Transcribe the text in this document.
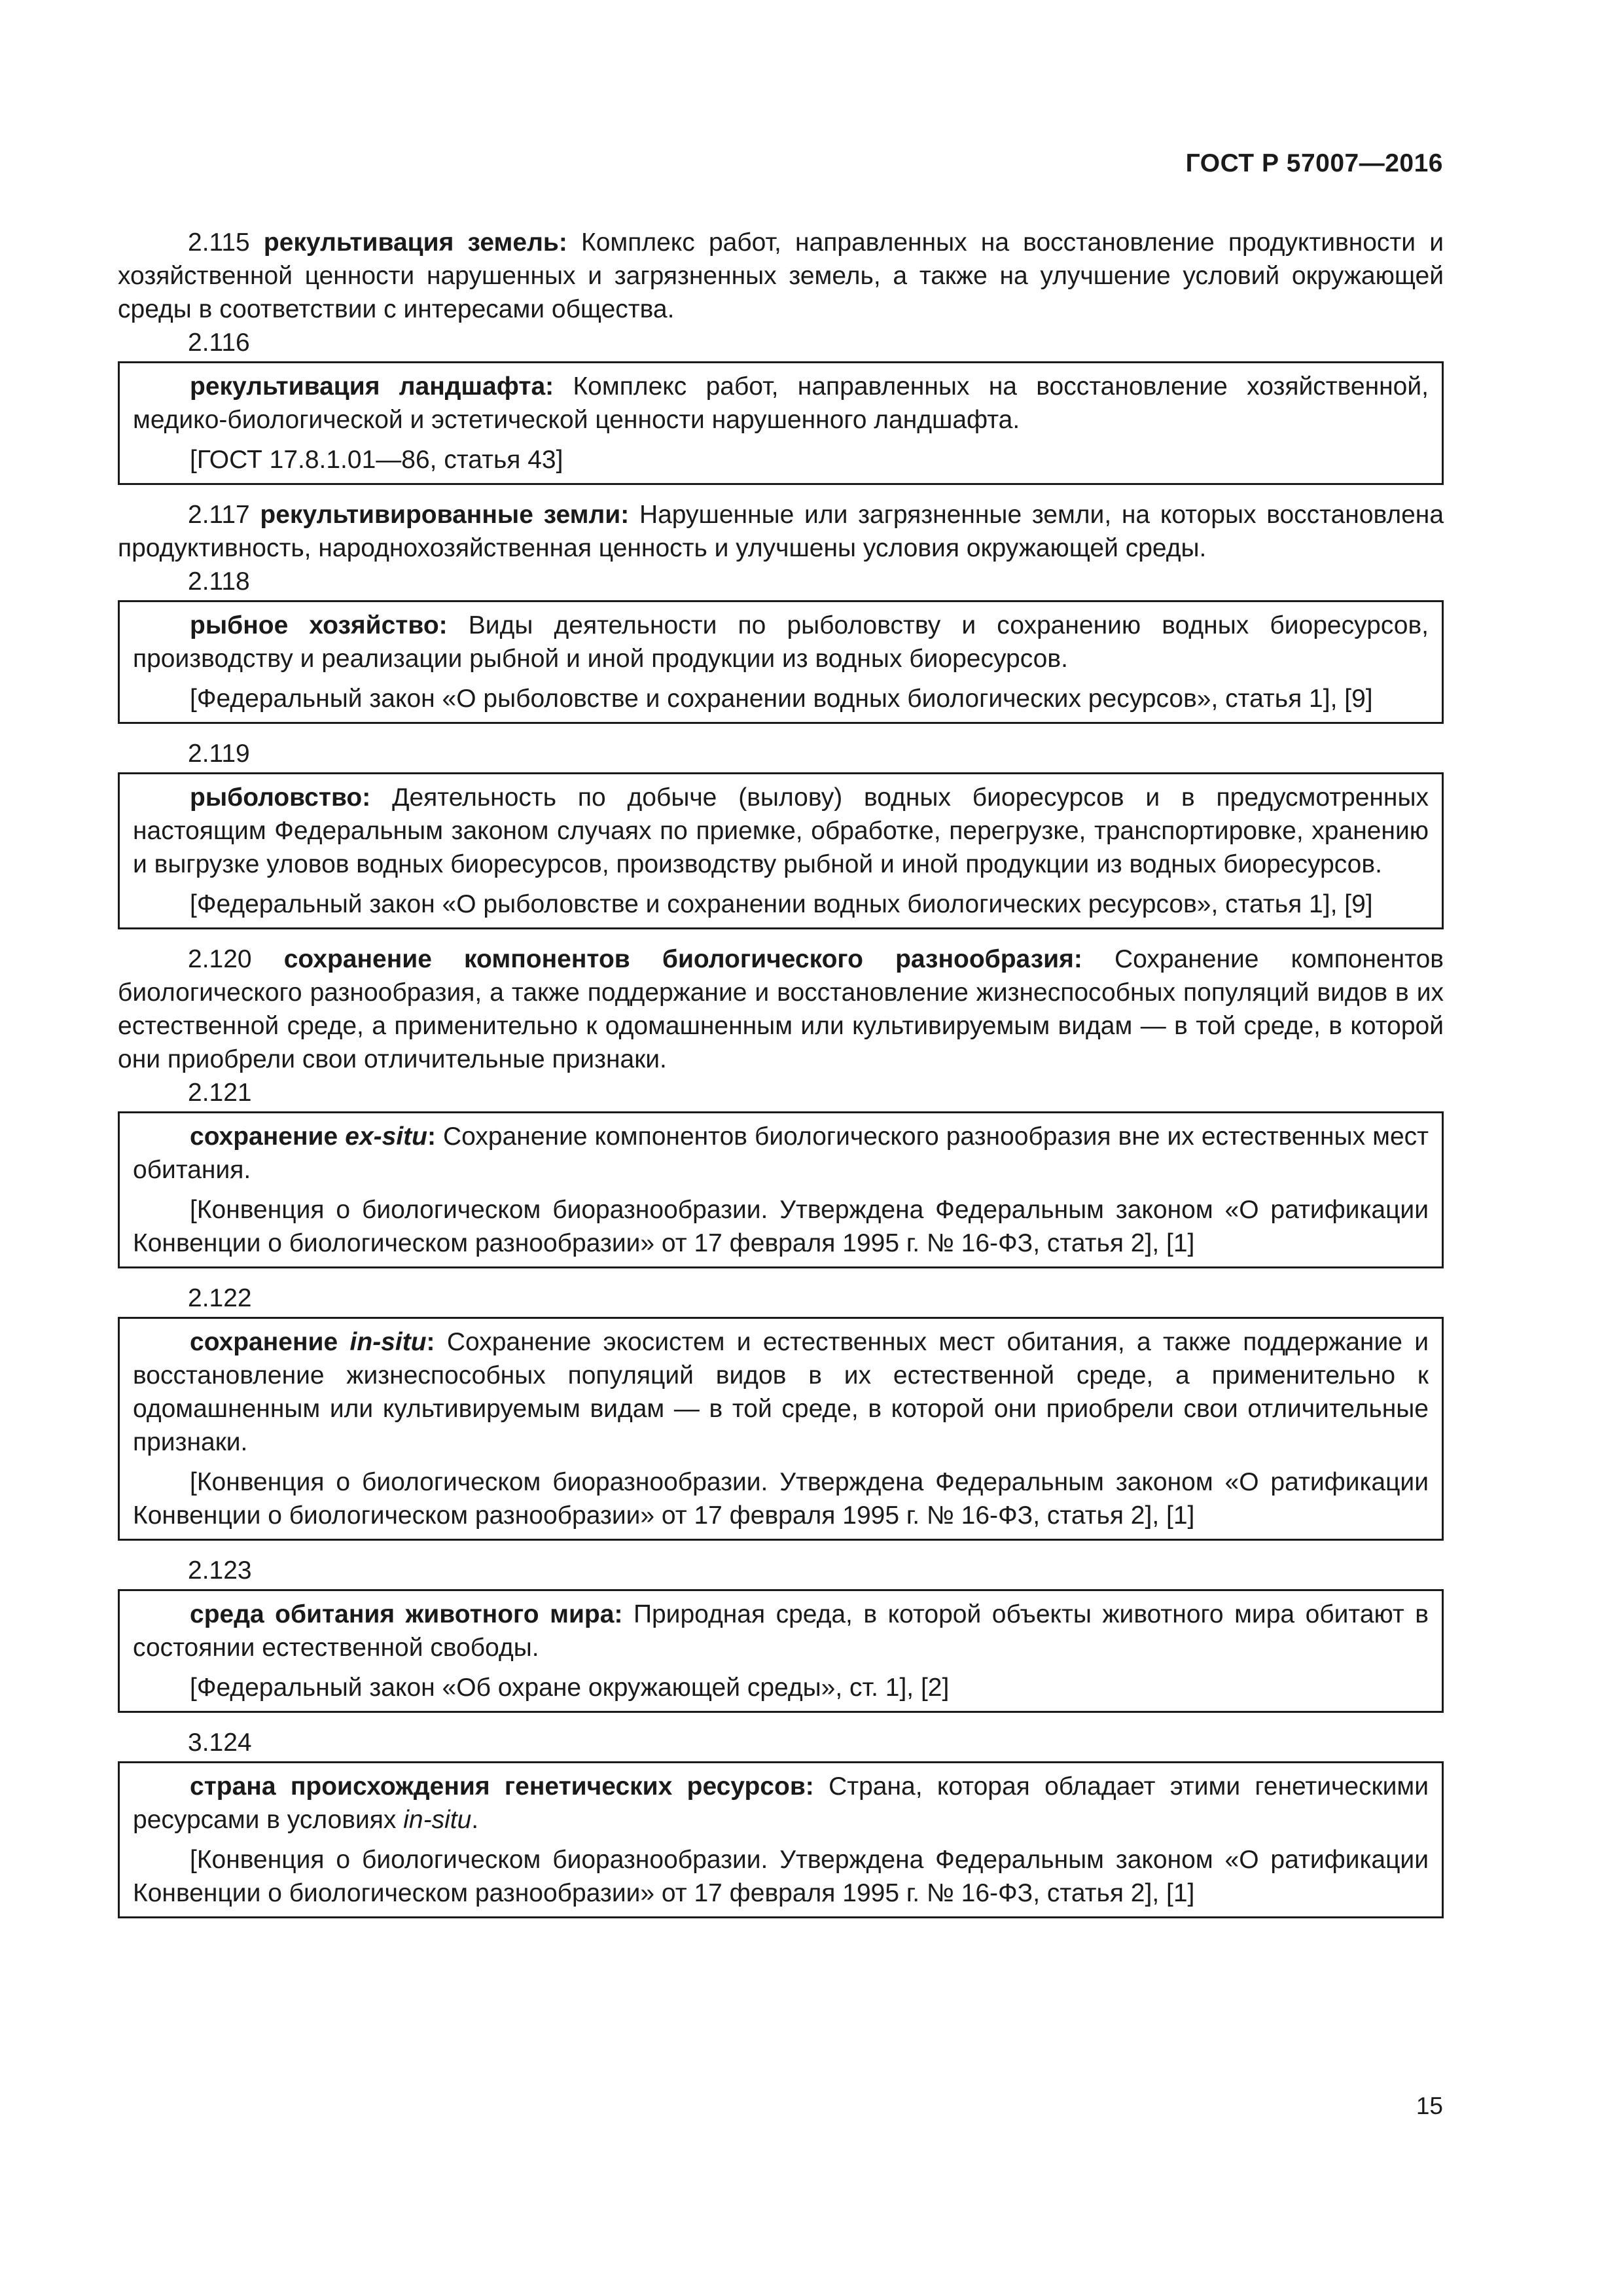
ГОСТ Р 57007—2016

2.115 рекультивация земель: Комплекс работ, направленных на восстановление продуктивности и хозяйственной ценности нарушенных и загрязненных земель, а также на улучшение условий окружающей среды в соответствии с интересами общества.

2.116

рекультивация ландшафта: Комплекс работ, направленных на восстановление хозяйственной, медико-биологической и эстетической ценности нарушенного ландшафта.

[ГОСТ 17.8.1.01—86, статья 43]

2.117 рекультивированные земли: Нарушенные или загрязненные земли, на которых восстановлена продуктивность, народнохозяйственная ценность и улучшены условия окружающей среды.

2.118

рыбное хозяйство: Виды деятельности по рыболовству и сохранению водных биоресурсов, производству и реализации рыбной и иной продукции из водных биоресурсов.

[Федеральный закон «О рыболовстве и сохранении водных биологических ресурсов», статья 1], [9]

2.119

рыболовство: Деятельность по добыче (вылову) водных биоресурсов и в предусмотренных настоящим Федеральным законом случаях по приемке, обработке, перегрузке, транспортировке, хранению и выгрузке уловов водных биоресурсов, производству рыбной и иной продукции из водных биоресурсов.

[Федеральный закон «О рыболовстве и сохранении водных биологических ресурсов», статья 1], [9]

2.120 сохранение компонентов биологического разнообразия: Сохранение компонентов биологического разнообразия, а также поддержание и восстановление жизнеспособных популяций видов в их естественной среде, а применительно к одомашненным или культивируемым видам — в той среде, в которой они приобрели свои отличительные признаки.

2.121

сохранение ex-situ: Сохранение компонентов биологического разнообразия вне их естественных мест обитания.

[Конвенция о биологическом биоразнообразии. Утверждена Федеральным законом «О ратификации Конвенции о биологическом разнообразии» от 17 февраля 1995 г. № 16-ФЗ, статья 2], [1]

2.122

сохранение in-situ: Сохранение экосистем и естественных мест обитания, а также поддержание и восстановление жизнеспособных популяций видов в их естественной среде, а применительно к одомашненным или культивируемым видам — в той среде, в которой они приобрели свои отличительные признаки.

[Конвенция о биологическом биоразнообразии. Утверждена Федеральным законом «О ратификации Конвенции о биологическом разнообразии» от 17 февраля 1995 г. № 16-ФЗ, статья 2], [1]

2.123

среда обитания животного мира: Природная среда, в которой объекты животного мира обитают в состоянии естественной свободы.

[Федеральный закон «Об охране окружающей среды», ст. 1], [2]

3.124

страна происхождения генетических ресурсов: Страна, которая обладает этими генетическими ресурсами в условиях in-situ.

[Конвенция о биологическом биоразнообразии. Утверждена Федеральным законом «О ратификации Конвенции о биологическом разнообразии» от 17 февраля 1995 г. № 16-ФЗ, статья 2], [1]

15
